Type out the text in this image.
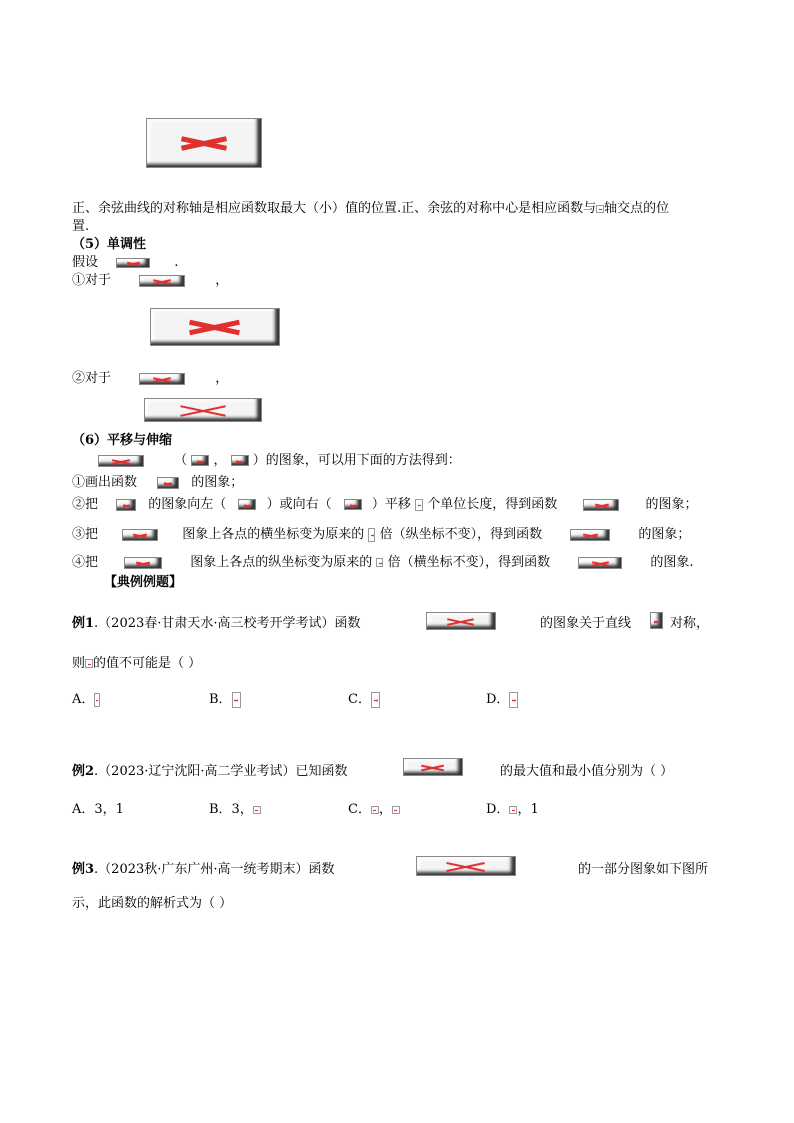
正、余弦曲线的对称轴是相应函数取最大（小）值的位置.正、余弦的对称中心是相应函数与 轴交点的位
置.
（5）单调性
假设	.
①对于	，
②对于	，
（6）平移与伸缩
（ ， ）的图象，可以用下面的方法得到：
①画出函数	的图象；
②把	的图象向左（	）或向右（	）平移 个单位长度，得到函数	的图象；
③把	图象上各点的横坐标变为原来的 倍（纵坐标不变），得到函数	的图象；
④把	图象上各点的纵坐标变为原来的 倍（横坐标不变），得到函数	的图象.
【典例例题】
例1.（2023春·甘肃天水·高三校考开学考试）函数	的图象关于直线	对称，
则 的值不可能是（ ）
A．	B．	C．	D．
例2.（2023·辽宁沈阳·高二学业考试）已知函数	的最大值和最小值分别为（ ）
A．3，1	B．3，	C． ，	D． ，1
例3.（2023秋·广东广州·高一统考期末）函数	的一部分图象如下图所
示，此函数的解析式为（ ）
